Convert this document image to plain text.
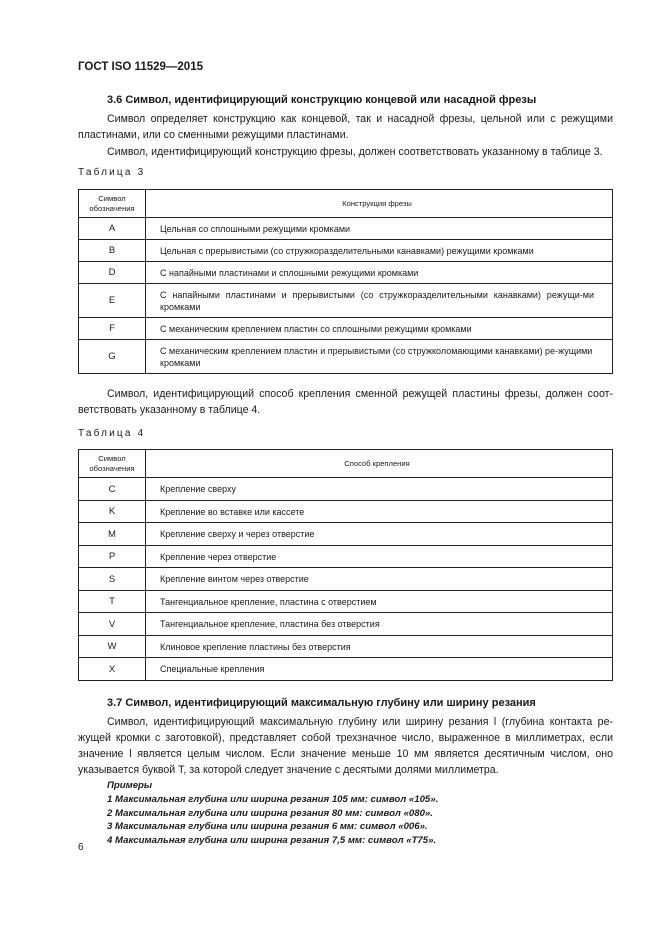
ГОСТ ISO 11529—2015
3.6 Символ, идентифицирующий конструкцию концевой или насадной фрезы
Символ определяет конструкцию как концевой, так и насадной фрезы, цельной или с режущими
пластинами, или со сменными режущими пластинами.
Символ, идентифицирующий конструкцию фрезы, должен соответствовать указанному в таблице 3.
Таблица 3
Символ обозначения	Конструкция фрезы
A	Цельная со сплошными режущими кромками
B	Цельная с прерывистыми (со стружкоразделительными канавками) режущими кромками
D	С напайными пластинами и сплошными режущими кромками
E	С напайными пластинами и прерывистыми (со стружкоразделительными канавками) режущи-ми кромками
F	С механическим креплением пластин со сплошными режущими кромками
G	С механическим креплением пластин и прерывистыми (со стружколомающими канавками) ре-жущими кромками
Символ, идентифицирующий способ крепления сменной режущей пластины фрезы, должен соот-
ветствовать указанному в таблице 4.
Таблица 4
Символ обозначения	Способ крепления
C	Крепление сверху
K	Крепление во вставке или кассете
M	Крепление сверху и через отверстие
P	Крепление через отверстие
S	Крепление винтом через отверстие
T	Тангенциальное крепление, пластина с отверстием
V	Тангенциальное крепление, пластина без отверстия
W	Клиновое крепление пластины без отверстия
X	Специальные крепления
3.7 Символ, идентифицирующий максимальную глубину или ширину резания
Символ, идентифицирующий максимальную глубину или ширину резания l (глубина контакта ре-
жущей кромки с заготовкой), представляет собой трехзначное число, выраженное в миллиметрах, если
значение l является целым числом. Если значение меньше 10 мм является десятичным числом, оно
указывается буквой T, за которой следует значение с десятыми долями миллиметра.
Примеры
1 Максимальная глубина или ширина резания 105 мм: символ «105».
2 Максимальная глубина или ширина резания 80 мм: символ «080».
3 Максимальная глубина или ширина резания 6 мм: символ «006».
4 Максимальная глубина или ширина резания 7,5 мм: символ «T75».
6
